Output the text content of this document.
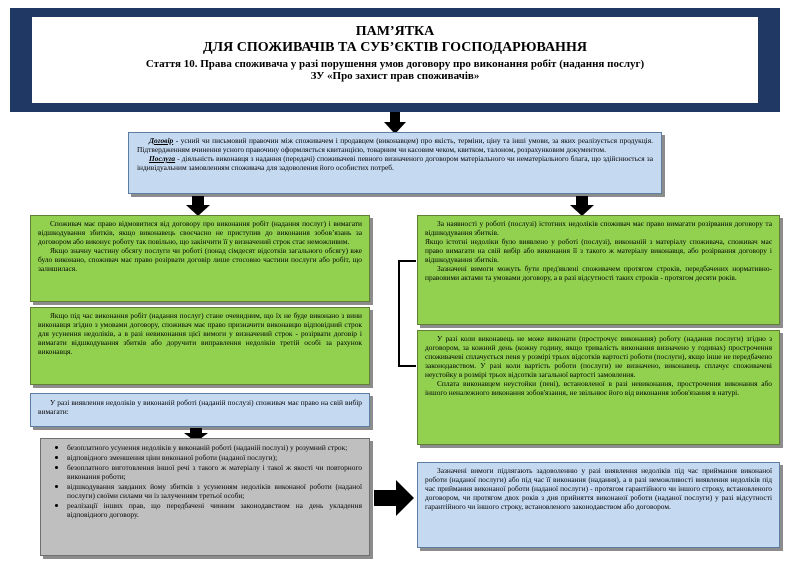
ПАМ’ЯТКА
ДЛЯ СПОЖИВАЧІВ ТА СУБ’ЄКТІВ ГОСПОДАРЮВАННЯ
Стаття 10. Права споживача у разі порушення умов договору про виконання робіт (надання послуг)
ЗУ «Про захист прав споживачів»

Договір - усний чи письмовий правочин між споживачем і продавцем (виконавцем) про якість, терміни, ціну та інші умови, за яких реалізується продукція. Підтвердженням вчинення усного правочину оформляється квитанцією, товарним чи касовим чеком, квитком, талоном, розрахунковим документом.

Послуга - діяльність виконавця з надання (передачі) споживачеві певного визначеного договором матеріального чи нематеріального блага, що здійснюється за індивідуальним замовленням споживача для задоволення його особистих потреб.

Споживач має право відмовитися від договору про виконання робіт (надання послуг) і вимагати відшкодування збитків, якщо виконавець своєчасно не приступив до виконання зобов’язань за договором або виконує роботу так повільно, що закінчити її у визначений строк стає неможливим.

Якщо значну частину обсягу послуги чи роботі (понад сімдесят відсотків загального обсягу) вже було виконано, споживач має право розірвати договір лише стосовно частини послуги або робіт, що залишилася.

Якщо під час виконання робіт (надання послуг) стане очевидним, що їх не буде виконано з вини виконавця згідно з умовами договору, споживач має право призначити виконавцю відповідний строк для усунення недоліків, а в разі невиконання цієї вимоги у визначений строк - розірвати договір і вимагати відшкодування збитків або доручити виправлення недоліків третій особі за рахунок виконавця.

У разі виявлення недоліків у виконаній роботі (наданій послузі) споживач має право на свій вибір вимагати:

безоплатного усунення недоліків у виконаній роботі (наданій послузі) у розумний строк;
відповідного зменшення ціни виконаної роботи (наданої послуги);
безоплатного виготовлення іншої речі з такого ж матеріалу і такої ж якості чи повторного виконання роботи;
відшкодування завданих йому збитків з усуненням недоліків виконаної роботи (наданої послуги) своїми силами чи із залученням третьої особи;
реалізації інших прав, що передбачені чинним законодавством на день укладення відповідного договору.

За наявності у роботі (послузі) істотних недоліків споживач має право вимагати розірвання договору та відшкодування збитків.

Якщо істотні недоліки було виявлено у роботі (послузі), виконаній з матеріалу споживача, споживач має право вимагати на свій вибір або виконання її з такого ж матеріалу виконавця, або розірвання договору і відшкодування збитків.

Зазначені вимоги можуть бути пред'явлені споживачем протягом строків, передбачених нормативно-правовими актами та умовами договору, а в разі відсутності таких строків - протягом десяти років.

У разі коли виконавець не може виконати (прострочує виконання) роботу (надання послуги) згідно з договором, за кожний день (кожну годину, якщо тривалість виконання визначено у годинах) прострочення споживачеві сплачується пеня у розмірі трьох відсотків вартості роботи (послуги), якщо інше не передбачено законодавством. У разі коли вартість роботи (послуги) не визначено, виконавець сплачує споживачеві неустойку в розмірі трьох відсотків загальної вартості замовлення.

Сплата виконавцем неустойки (пені), встановленої в разі невиконання, прострочення виконання або іншого неналежного виконання зобов'язання, не звільнює його від виконання зобов'язання в натурі.

Зазначені вимоги підлягають задоволенню у разі виявлення недоліків під час приймання виконаної роботи (наданої послуги) або під час її виконання (надання), а в разі неможливості виявлення недоліків під час приймання виконаної роботи (наданої послуги) - протягом гарантійного чи іншого строку, встановленого договором, чи протягом двох років з дня прийняття виконаної роботи (наданої послуги) у разі відсутності гарантійного чи іншого строку, встановленого законодавством або договором.
